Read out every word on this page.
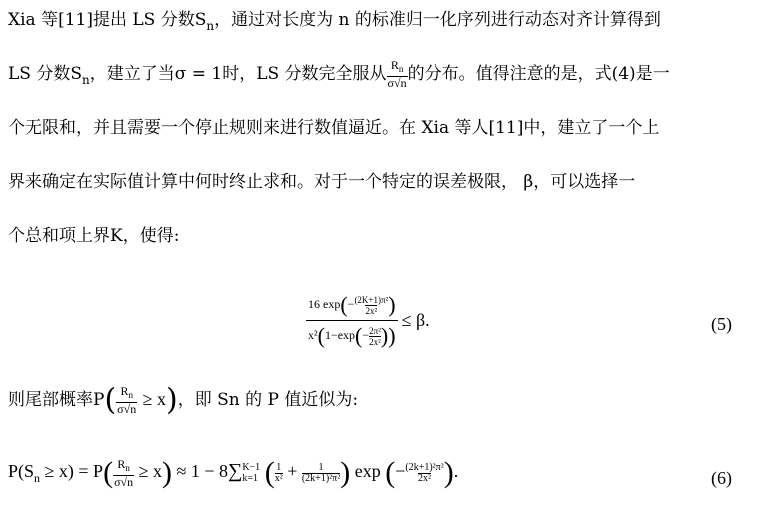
Xia 等[11]提出 LS 分数$S_n$，通过对长度为 n 的标准归一化序列进行动态对齐计算得到
LS 分数$S_n$，建立了当σ = 1时，LS 分数完全服从 $\frac{R_n}{\sigma√n}$ 的分布。值得注意的是，式(4)是一
个无限和，并且需要一个停止规则来进行数值逼近。在 Xia 等人[11]中，建立了一个上
界来确定在实际值计算中何时终止求和。对于一个特定的误差极限， β，可以选择一
个总和项上界K，使得:
$\frac{16 \exp(- \frac{\text{(2K+1)π²}}{\text{2x²}} )}{x^2(1-\exp(- \frac{\text{2π²}}{\text{2x²}} ))} \le \beta$.	(5)
则尾部概率$P( \frac{R_n}{\sigma√n} \ge x)$，即 Sn 的 P 值近似为:
$P(S_n \ge x) = P( \frac{R_n}{\sigma√n} \ge x) \approx 1 - 8\sum$ K−1
k=1 ( $\frac{1}{\text{x²}} + \frac{1}{\text{(2k+1)²π²}}$ ) exp (− $\frac{\text{(2k+1)²π²}}{\text{2x²}}$ ).	(6)
